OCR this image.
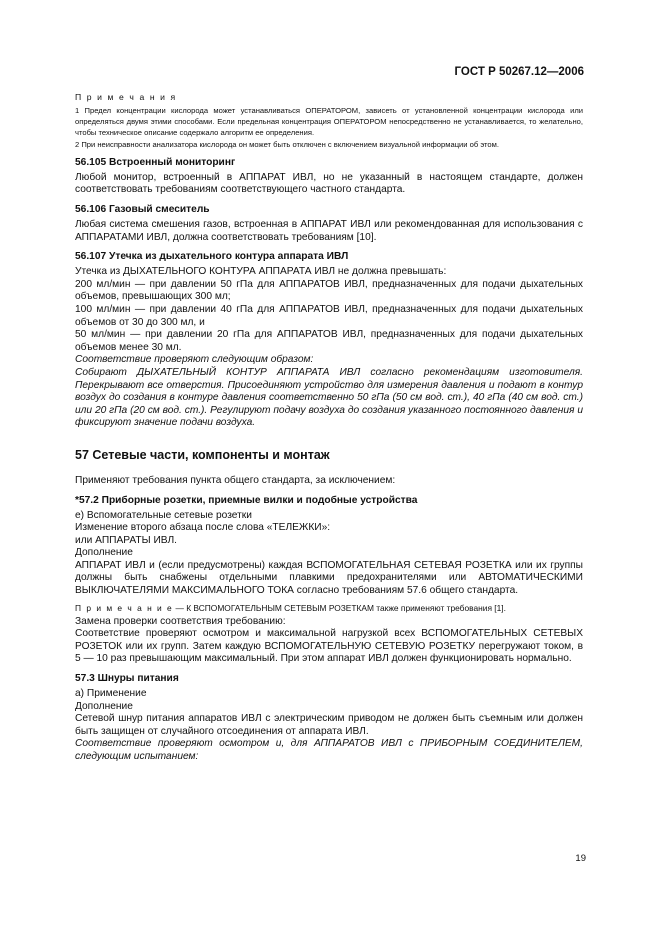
ГОСТ Р 50267.12—2006
П р и м е ч а н и я

1 Предел концентрации кислорода может устанавливаться ОПЕРАТОРОМ, зависеть от установленной концентрации кислорода или определяться двумя этими способами. Если предельная концентрация ОПЕРАТОРОМ непосредственно не устанавливается, то желательно, чтобы техническое описание содержало алгоритм ее определения.

2 При неисправности анализатора кислорода он может быть отключен с включением визуальной информации об этом.

56.105 Встроенный мониторинг

Любой монитор, встроенный в АППАРАТ ИВЛ, но не указанный в настоящем стандарте, должен соответствовать требованиям соответствующего частного стандарта.

56.106 Газовый смеситель

Любая система смешения газов, встроенная в АППАРАТ ИВЛ или рекомендованная для использования с АППАРАТАМИ ИВЛ, должна соответствовать требованиям [10].

56.107 Утечка из дыхательного контура аппарата ИВЛ

Утечка из ДЫХАТЕЛЬНОГО КОНТУРА АППАРАТА ИВЛ не должна превышать:

200 мл/мин — при давлении 50 гПа для АППАРАТОВ ИВЛ, предназначенных для подачи дыхательных объемов, превышающих 300 мл;

100 мл/мин — при давлении 40 гПа для АППАРАТОВ ИВЛ, предназначенных для подачи дыхательных объемов от 30 до 300 мл, и

50 мл/мин — при давлении 20 гПа для АППАРАТОВ ИВЛ, предназначенных для подачи дыхательных объемов менее 30 мл.

Соответствие проверяют следующим образом:

Собирают ДЫХАТЕЛЬНЫЙ КОНТУР АППАРАТА ИВЛ согласно рекомендациям изготовителя. Перекрывают все отверстия. Присоединяют устройство для измерения давления и подают в контур воздух до создания в контуре давления соответственно 50 гПа (50 см вод. ст.), 40 гПа (40 см вод. ст.) или 20 гПа (20 см вод. ст.). Регулируют подачу воздуха до создания указанного постоянного давления и фиксируют значение подачи воздуха.

57 Сетевые части, компоненты и монтаж

Применяют требования пункта общего стандарта, за исключением:

*57.2 Приборные розетки, приемные вилки и подобные устройства

е) Вспомогательные сетевые розетки

Изменение второго абзаца после слова «ТЕЛЕЖКИ»:

или АППАРАТЫ ИВЛ.

Дополнение

АППАРАТ ИВЛ и (если предусмотрены) каждая ВСПОМОГАТЕЛЬНАЯ СЕТЕВАЯ РОЗЕТКА или их группы должны быть снабжены отдельными плавкими предохранителями или АВТОМАТИЧЕСКИМИ ВЫКЛЮЧАТЕЛЯМИ МАКСИМАЛЬНОГО ТОКА согласно требованиям 57.6 общего стандарта.

П р и м е ч а н и е — К ВСПОМОГАТЕЛЬНЫМ СЕТЕВЫМ РОЗЕТКАМ также применяют требования [1].

Замена проверки соответствия требованию:

Соответствие проверяют осмотром и максимальной нагрузкой всех ВСПОМОГАТЕЛЬНЫХ СЕТЕВЫХ РОЗЕТОК или их групп. Затем каждую ВСПОМОГАТЕЛЬНУЮ СЕТЕВУЮ РОЗЕТКУ перегружают током, в 5 — 10 раз превышающим максимальный. При этом аппарат ИВЛ должен функционировать нормально.

57.3 Шнуры питания

а) Применение

Дополнение

Сетевой шнур питания аппаратов ИВЛ с электрическим приводом не должен быть съемным или должен быть защищен от случайного отсоединения от аппарата ИВЛ.

Соответствие проверяют осмотром и, для АППАРАТОВ ИВЛ с ПРИБОРНЫМ СОЕДИНИТЕЛЕМ, следующим испытанием:

19
